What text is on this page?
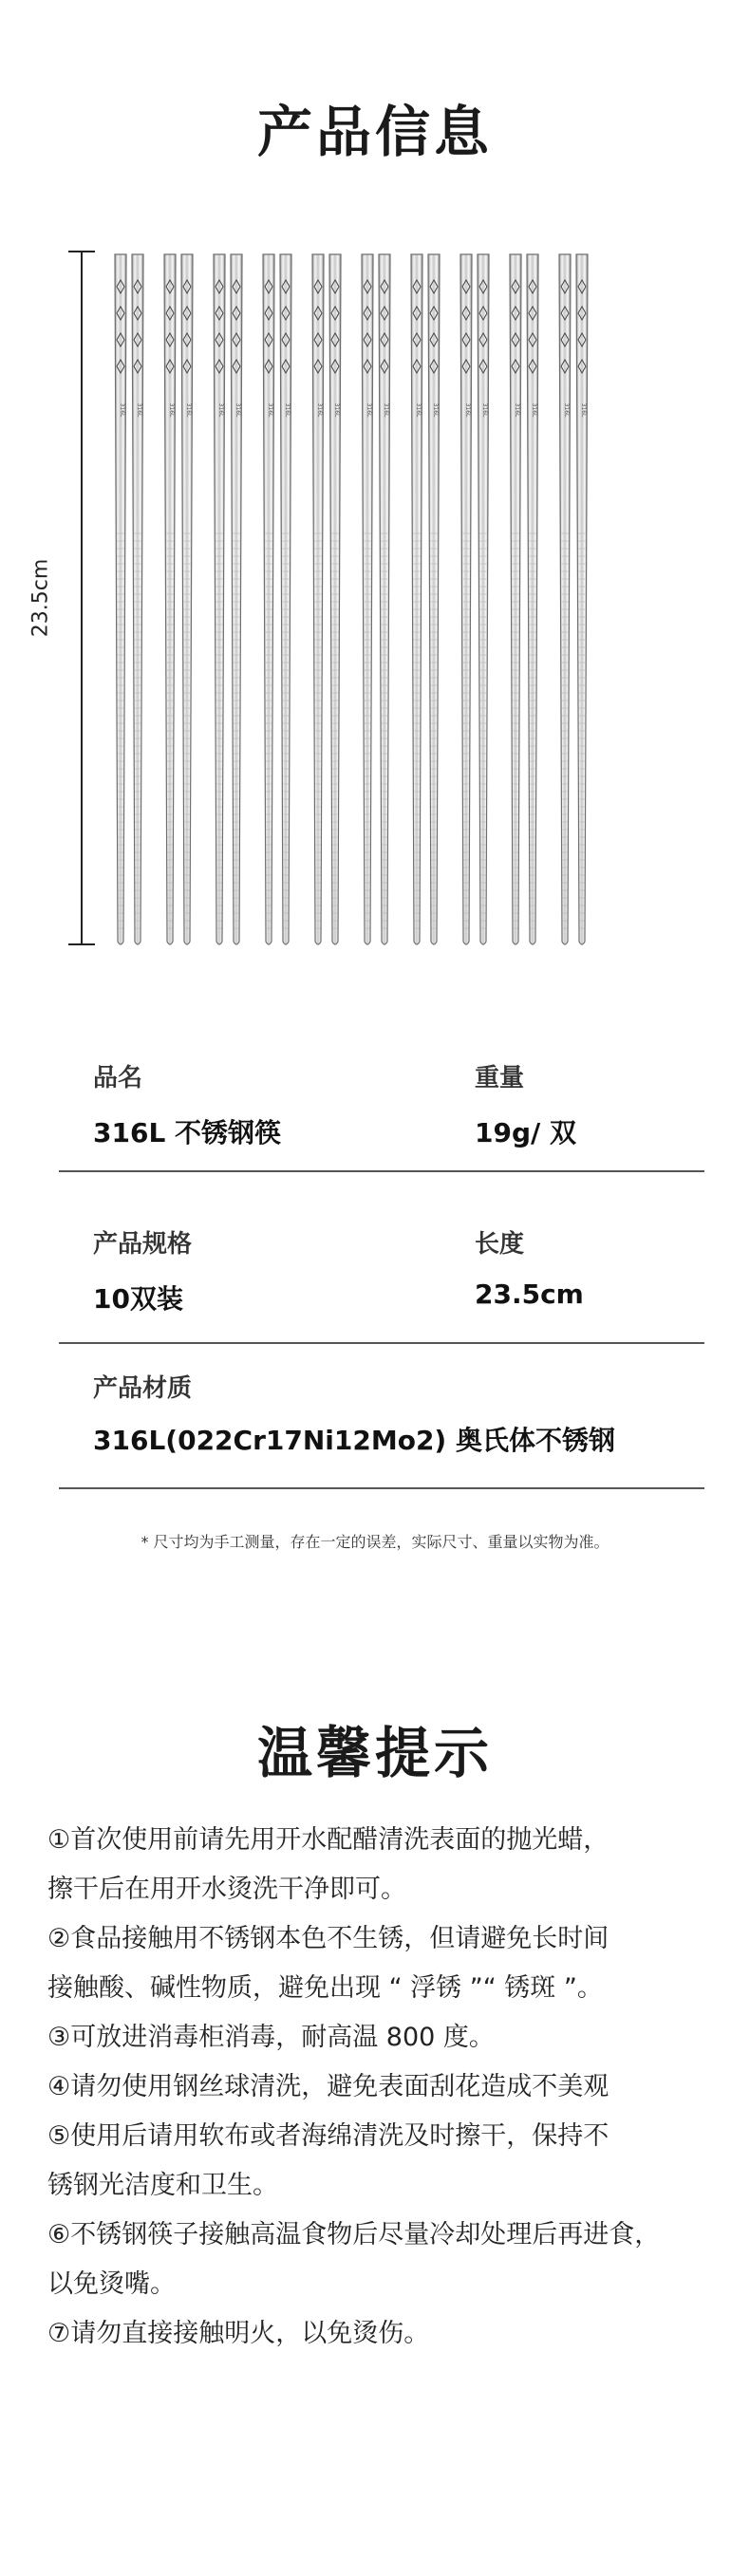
产品信息
23.5cm
316L 316L	316L 316L	316L 316L	316L 316L	316L 316L	316L 316L	316L 316L	316L 316L	316L 316L	316L 316L
品名
316L 不锈钢筷
重量
19g/ 双
产品规格
10双装
长度
23.5cm
产品材质
316L(022Cr17Ni12Mo2) 奥氏体不锈钢
* 尺寸均为手工测量，存在一定的误差，实际尺寸、重量以实物为准。
温馨提示
①首次使用前请先用开水配醋清洗表面的抛光蜡，
擦干后在用开水烫洗干净即可。
②食品接触用不锈钢本色不生锈，但请避免长时间
接触酸、碱性物质，避免出现 “ 浮锈 ”“ 锈斑 ”。
③可放进消毒柜消毒，耐高温 800 度。
④请勿使用钢丝球清洗，避免表面刮花造成不美观
⑤使用后请用软布或者海绵清洗及时擦干，保持不
锈钢光洁度和卫生。
⑥不锈钢筷子接触高温食物后尽量冷却处理后再进食，
以免烫嘴。
⑦请勿直接接触明火，以免烫伤。
